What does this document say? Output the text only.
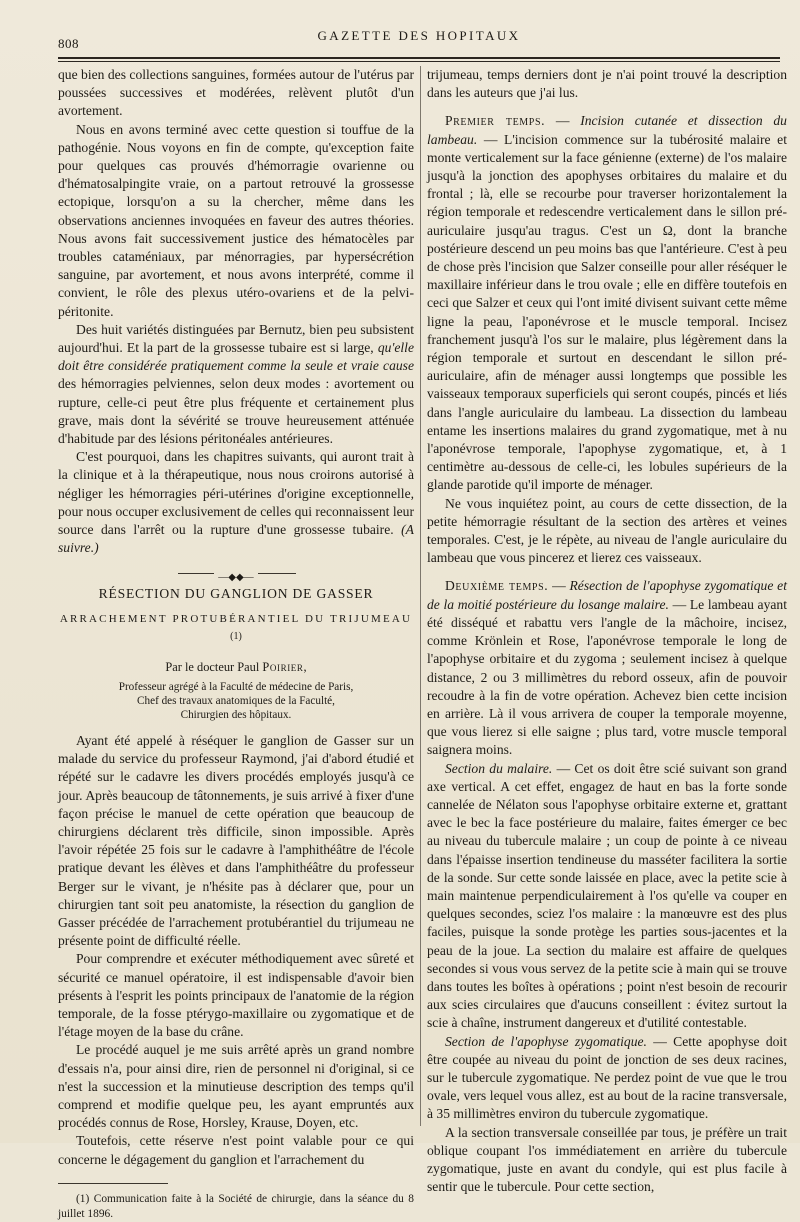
808
GAZETTE DES HOPITAUX

que bien des collections sanguines, formées autour de l'utérus par poussées successives et modérées, relèvent plutôt d'un avortement.

Nous en avons terminé avec cette question si touffue de la pathogénie. Nous voyons en fin de compte, qu'exception faite pour quelques cas prouvés d'hémorragie ovarienne ou d'hématosalpingite vraie, on a partout retrouvé la grossesse ectopique, lorsqu'on a su la chercher, même dans les observations anciennes invoquées en faveur des autres théories. Nous avons fait successivement justice des hématocèles par troubles cataméniaux, par ménorragies, par hypersécrétion sanguine, par avortement, et nous avons interprété, comme il convient, le rôle des plexus utéro-ovariens et de la pelvi-péritonite.

Des huit variétés distinguées par Bernutz, bien peu subsistent aujourd'hui. Et la part de la grossesse tubaire est si large, qu'elle doit être considérée pratiquement comme la seule et vraie cause des hémorragies pelviennes, selon deux modes : avortement ou rupture, celle-ci peut être plus fréquente et certainement plus grave, mais dont la sévérité se trouve heureusement atténuée d'habitude par des lésions péritonéales antérieures.

C'est pourquoi, dans les chapitres suivants, qui auront trait à la clinique et à la thérapeutique, nous nous croirons autorisé à négliger les hémorragies péri-utérines d'origine exceptionnelle, pour nous occuper exclusivement de celles qui reconnaissent leur source dans l'arrêt ou la rupture d'une grossesse tubaire. (A suivre.)

—◆◆—
RÉSECTION DU GANGLION DE GASSER
ARRACHEMENT PROTUBÉRANTIEL DU TRIJUMEAU $^{(1)}$
Par le docteur Paul Poirier,
Professeur agrégé à la Faculté de médecine de Paris,
Chef des travaux anatomiques de la Faculté,
Chirurgien des hôpitaux.

Ayant été appelé à réséquer le ganglion de Gasser sur un malade du service du professeur Raymond, j'ai d'abord étudié et répété sur le cadavre les divers procédés employés jusqu'à ce jour. Après beaucoup de tâtonnements, je suis arrivé à fixer d'une façon précise le manuel de cette opération que beaucoup de chirurgiens déclarent très difficile, sinon impossible. Après l'avoir répétée 25 fois sur le cadavre à l'amphithéâtre de l'école pratique devant les élèves et dans l'amphithéâtre du professeur Berger sur le vivant, je n'hésite pas à déclarer que, pour un chirurgien tant soit peu anatomiste, la résection du ganglion de Gasser précédée de l'arrachement protubérantiel du trijumeau ne présente point de difficulté réelle.

Pour comprendre et exécuter méthodiquement avec sûreté et sécurité ce manuel opératoire, il est indispensable d'avoir bien présents à l'esprit les points principaux de l'anatomie de la région temporale, de la fosse ptérygo-maxillaire ou zygomatique et de l'étage moyen de la base du crâne.

Le procédé auquel je me suis arrêté après un grand nombre d'essais n'a, pour ainsi dire, rien de personnel ni d'original, si ce n'est la succession et la minutieuse description des temps qu'il comprend et modifie quelque peu, les ayant empruntés aux procédés connus de Rose, Horsley, Krause, Doyen, etc.

Toutefois, cette réserve n'est point valable pour ce qui concerne le dégagement du ganglion et l'arrachement du

(1) Communication faite à la Société de chirurgie, dans la séance du 8 juillet 1896.

trijumeau, temps derniers dont je n'ai point trouvé la description dans les auteurs que j'ai lus.

Premier temps. — Incision cutanée et dissection du lambeau. — L'incision commence sur la tubérosité malaire et monte verticalement sur la face génienne (externe) de l'os malaire jusqu'à la jonction des apophyses orbitaires du malaire et du frontal ; là, elle se recourbe pour traverser horizontalement la région temporale et redescendre verticalement dans le sillon pré-auriculaire jusqu'au tragus. C'est un Ω, dont la branche postérieure descend un peu moins bas que l'antérieure. C'est à peu de chose près l'incision que Salzer conseille pour aller réséquer le maxillaire inférieur dans le trou ovale ; elle en diffère toutefois en ceci que Salzer et ceux qui l'ont imité divisent suivant cette même ligne la peau, l'aponévrose et le muscle temporal. Incisez franchement jusqu'à l'os sur le malaire, plus légèrement dans la région temporale et surtout en descendant le sillon pré-auriculaire, afin de ménager aussi longtemps que possible les vaisseaux temporaux superficiels qui seront coupés, pincés et liés dans l'angle auriculaire du lambeau. La dissection du lambeau entame les insertions malaires du grand zygomatique, met à nu l'aponévrose temporale, l'apophyse zygomatique, et, à 1 centimètre au-dessous de celle-ci, les lobules supérieurs de la glande parotide qu'il importe de ménager.

Ne vous inquiétez point, au cours de cette dissection, de la petite hémorragie résultant de la section des artères et veines temporales. C'est, je le répète, au niveau de l'angle auriculaire du lambeau que vous pincerez et lierez ces vaisseaux.

Deuxième temps. — Résection de l'apophyse zygomatique et de la moitié postérieure du losange malaire. — Le lambeau ayant été disséqué et rabattu vers l'angle de la mâchoire, incisez, comme Krönlein et Rose, l'aponévrose temporale le long de l'apophyse orbitaire et du zygoma ; seulement incisez à quelque distance, 2 ou 3 millimètres du rebord osseux, afin de pouvoir recoudre à la fin de votre opération. Achevez bien cette incision en arrière. Là il vous arrivera de couper la temporale moyenne, que vous lierez si elle saigne ; plus tard, votre muscle temporal saignera moins.

Section du malaire. — Cet os doit être scié suivant son grand axe vertical. A cet effet, engagez de haut en bas la forte sonde cannelée de Nélaton sous l'apophyse orbitaire externe et, grattant avec le bec la face postérieure du malaire, faites émerger ce bec au niveau du tubercule malaire ; un coup de pointe à ce niveau dans l'épaisse insertion tendineuse du masséter facilitera la sortie de la sonde. Sur cette sonde laissée en place, avec la petite scie à main maintenue perpendiculairement à l'os qu'elle va couper en quelques secondes, sciez l'os malaire : la manœuvre est des plus faciles, puisque la sonde protège les parties sous-jacentes et la peau de la joue. La section du malaire est affaire de quelques secondes si vous vous servez de la petite scie à main qui se trouve dans toutes les boîtes à opérations ; point n'est besoin de recourir aux scies circulaires que d'aucuns conseillent : évitez surtout la scie à chaîne, instrument dangereux et d'utilité contestable.

Section de l'apophyse zygomatique. — Cette apophyse doit être coupée au niveau du point de jonction de ses deux racines, sur le tubercule zygomatique. Ne perdez point de vue que le trou ovale, vers lequel vous allez, est au bout de la racine transversale, à 35 millimètres environ du tubercule zygomatique.

A la section transversale conseillée par tous, je préfère un trait oblique coupant l'os immédiatement en arrière du tubercule zygomatique, juste en avant du condyle, qui est plus facile à sentir que le tubercule. Pour cette section,
